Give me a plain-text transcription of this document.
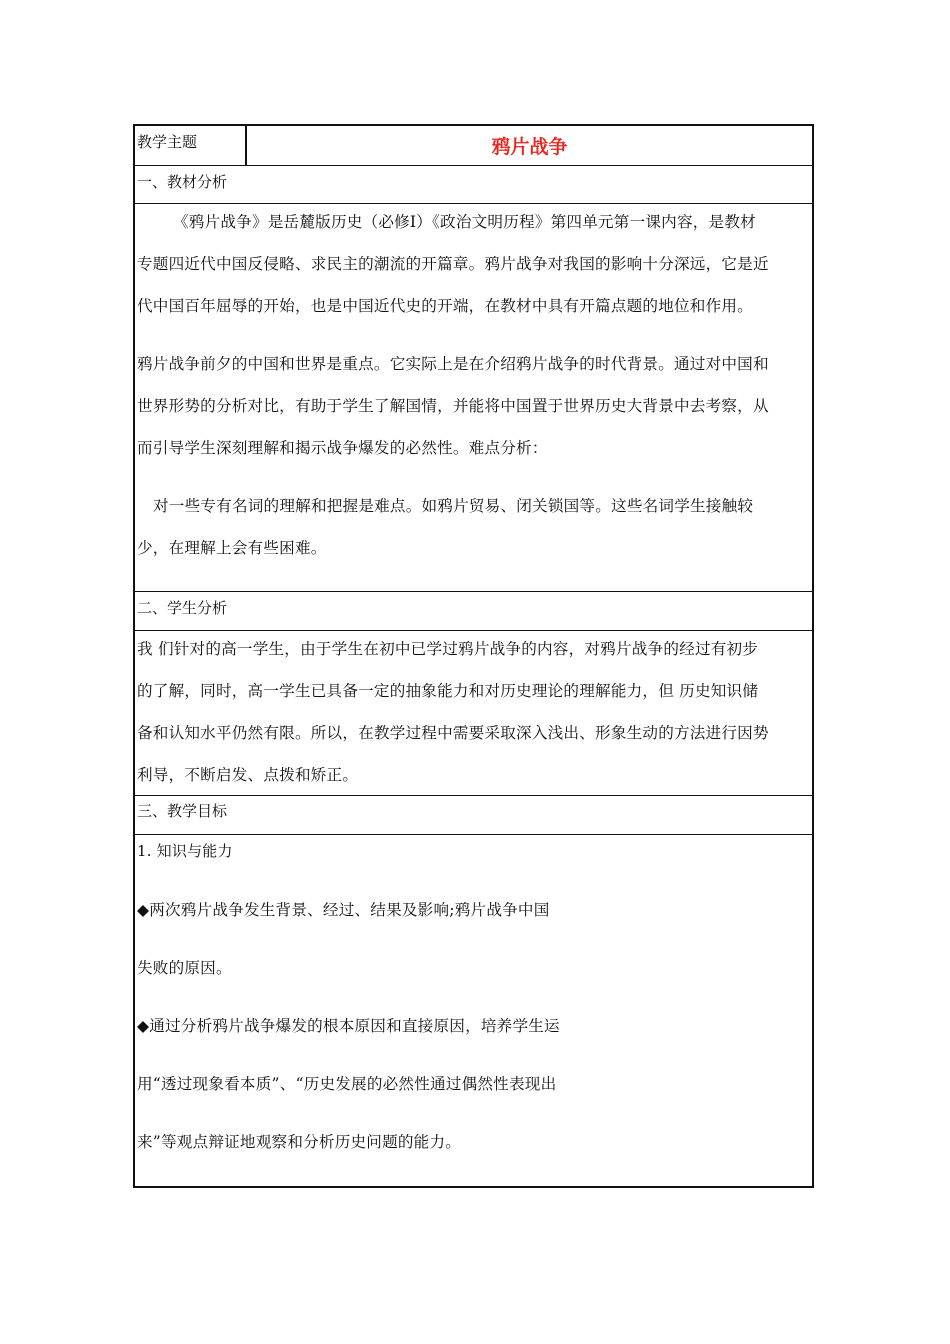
教学主题	鸦片战争
一、教材分析
《鸦片战争》是岳麓版历史（必修Ⅰ）《政治文明历程》第四单元第一课内容，是教材
专题四近代中国反侵略、求民主的潮流的开篇章。鸦片战争对我国的影响十分深远，它是近
代中国百年屈辱的开始，也是中国近代史的开端，在教材中具有开篇点题的地位和作用。
鸦片战争前夕的中国和世界是重点。它实际上是在介绍鸦片战争的时代背景。通过对中国和
世界形势的分析对比，有助于学生了解国情，并能将中国置于世界历史大背景中去考察，从
而引导学生深刻理解和揭示战争爆发的必然性。难点分析：
对一些专有名词的理解和把握是难点。如鸦片贸易、闭关锁国等。这些名词学生接触较
少，在理解上会有些困难。
二、学生分析
我 们针对的高一学生，由于学生在初中已学过鸦片战争的内容，对鸦片战争的经过有初步
的了解，同时，高一学生已具备一定的抽象能力和对历史理论的理解能力，但 历史知识储
备和认知水平仍然有限。所以，在教学过程中需要采取深入浅出、形象生动的方法进行因势
利导，不断启发、点拨和矫正。
三、教学目标
1. 知识与能力
◆两次鸦片战争发生背景、经过、结果及影响;鸦片战争中国
失败的原因。
◆通过分析鸦片战争爆发的根本原因和直接原因，培养学生运
用“透过现象看本质”、“历史发展的必然性通过偶然性表现出
来”等观点辩证地观察和分析历史问题的能力。
